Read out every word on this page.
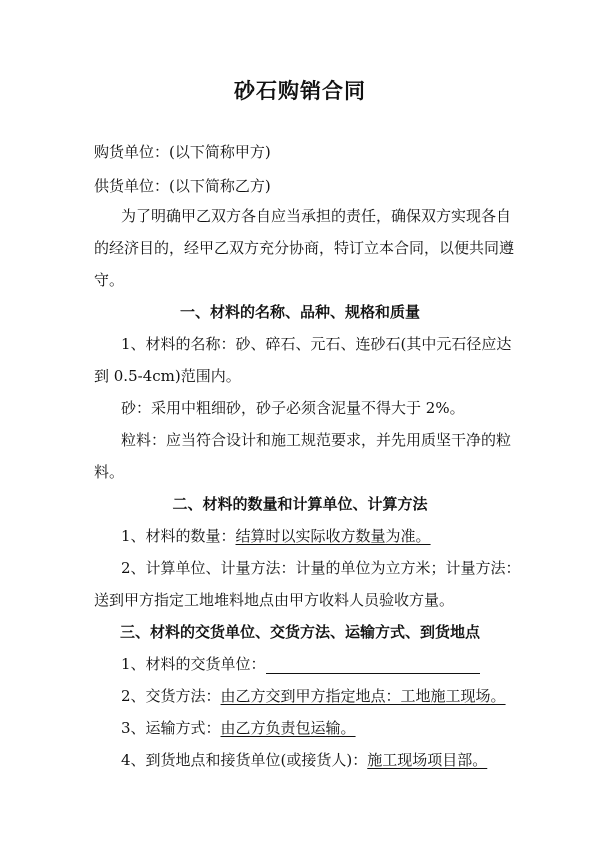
砂石购销合同
购货单位：(以下简称甲方)
供货单位：(以下简称乙方)
为了明确甲乙双方各自应当承担的责任，确保双方实现各自
的经济目的，经甲乙双方充分协商，特订立本合同，以便共同遵
守。
一、材料的名称、品种、规格和质量
1、材料的名称：砂、碎石、元石、连砂石(其中元石径应达
到 0.5-4cm)范围内。
砂：采用中粗细砂，砂子必须含泥量不得大于 2%。
粒料：应当符合设计和施工规范要求，并先用质坚干净的粒
料。
二、材料的数量和计算单位、计算方法
1、材料的数量：结算时以实际收方数量为准。
2、计算单位、计量方法：计量的单位为立方米；计量方法：
送到甲方指定工地堆料地点由甲方收料人员验收方量。
三、材料的交货单位、交货方法、运输方式、到货地点
1、材料的交货单位：
2、交货方法：由乙方交到甲方指定地点：工地施工现场。
3、运输方式：由乙方负责包运输。
4、到货地点和接货单位(或接货人)：施工现场项目部。
